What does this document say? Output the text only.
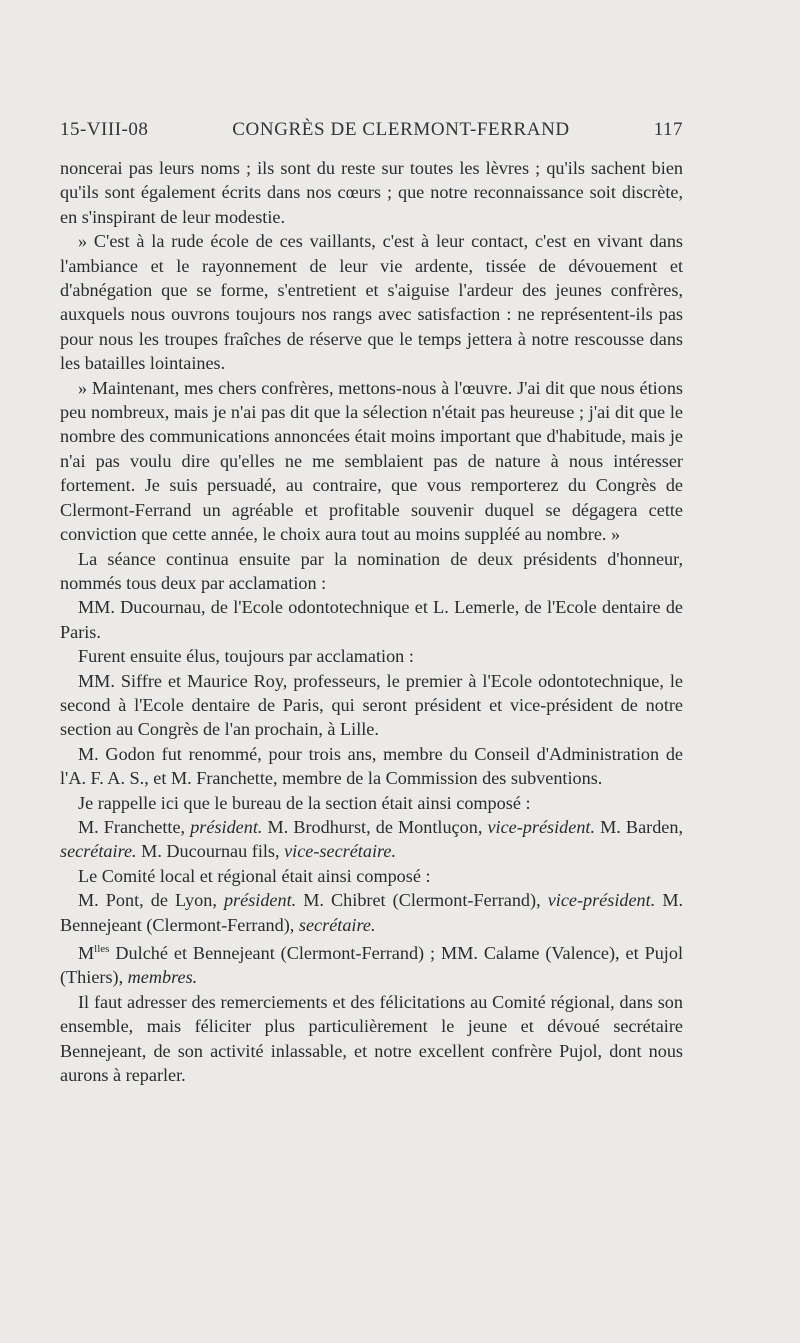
15-VIII-08	CONGRÈS DE CLERMONT-FERRAND	117

noncerai pas leurs noms ; ils sont du reste sur toutes les lèvres ; qu'ils sachent bien qu'ils sont également écrits dans nos cœurs ; que notre reconnaissance soit discrète, en s'inspirant de leur modestie.

» C'est à la rude école de ces vaillants, c'est à leur contact, c'est en vivant dans l'ambiance et le rayonnement de leur vie ardente, tissée de dévouement et d'abnégation que se forme, s'entretient et s'aiguise l'ardeur des jeunes confrères, auxquels nous ouvrons toujours nos rangs avec satisfaction : ne représentent-ils pas pour nous les troupes fraîches de réserve que le temps jettera à notre rescousse dans les batailles lointaines.

» Maintenant, mes chers confrères, mettons-nous à l'œuvre. J'ai dit que nous étions peu nombreux, mais je n'ai pas dit que la sélection n'était pas heureuse ; j'ai dit que le nombre des communications annoncées était moins important que d'habitude, mais je n'ai pas voulu dire qu'elles ne me semblaient pas de nature à nous intéresser fortement. Je suis persuadé, au contraire, que vous remporterez du Congrès de Clermont-Ferrand un agréable et profitable souvenir duquel se dégagera cette conviction que cette année, le choix aura tout au moins suppléé au nombre. »

La séance continua ensuite par la nomination de deux présidents d'honneur, nommés tous deux par acclamation :

MM. Ducournau, de l'Ecole odontotechnique et L. Lemerle, de l'Ecole dentaire de Paris.

Furent ensuite élus, toujours par acclamation :

MM. Siffre et Maurice Roy, professeurs, le premier à l'Ecole odontotechnique, le second à l'Ecole dentaire de Paris, qui seront président et vice-président de notre section au Congrès de l'an prochain, à Lille.

M. Godon fut renommé, pour trois ans, membre du Conseil d'Administration de l'A. F. A. S., et M. Franchette, membre de la Commission des subventions.

Je rappelle ici que le bureau de la section était ainsi composé :

M. Franchette, président. M. Brodhurst, de Montluçon, vice-président. M. Barden, secrétaire. M. Ducournau fils, vice-secrétaire.

Le Comité local et régional était ainsi composé :

M. Pont, de Lyon, président. M. Chibret (Clermont-Ferrand), vice-président. M. Bennejeant (Clermont-Ferrand), secrétaire.

$M^{lles}$ Dulché et Bennejeant (Clermont-Ferrand) ; MM. Calame (Valence), et Pujol (Thiers), membres.

Il faut adresser des remerciements et des félicitations au Comité régional, dans son ensemble, mais féliciter plus particulièrement le jeune et dévoué secrétaire Bennejeant, de son activité inlassable, et notre excellent confrère Pujol, dont nous aurons à reparler.
